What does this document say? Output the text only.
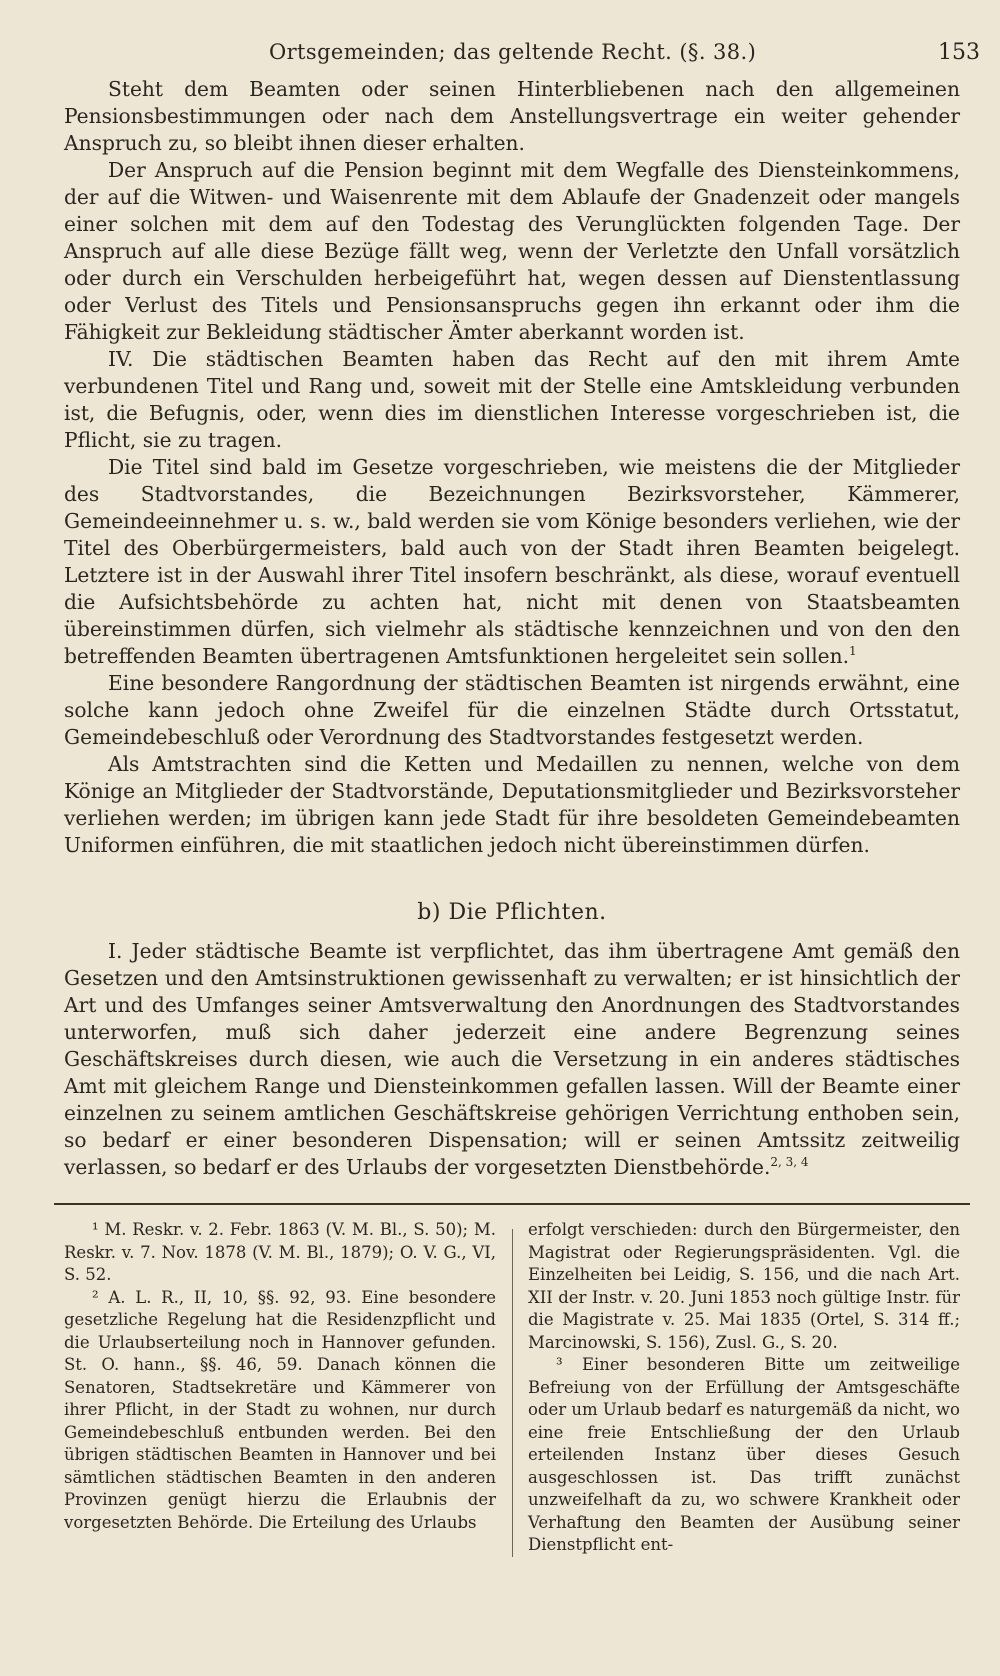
Ortsgemeinden; das geltende Recht. (§. 38.)	153

Steht dem Beamten oder seinen Hinterbliebenen nach den allgemeinen Pensionsbestimmungen oder nach dem Anstellungsvertrage ein weiter gehender Anspruch zu, so bleibt ihnen dieser erhalten.

Der Anspruch auf die Pension beginnt mit dem Wegfalle des Diensteinkommens, der auf die Witwen- und Waisenrente mit dem Ablaufe der Gnadenzeit oder mangels einer solchen mit dem auf den Todestag des Verunglückten folgenden Tage. Der Anspruch auf alle diese Bezüge fällt weg, wenn der Verletzte den Unfall vorsätzlich oder durch ein Verschulden herbeigeführt hat, wegen dessen auf Dienstentlassung oder Verlust des Titels und Pensionsanspruchs gegen ihn erkannt oder ihm die Fähigkeit zur Bekleidung städtischer Ämter aberkannt worden ist.

IV. Die städtischen Beamten haben das Recht auf den mit ihrem Amte verbundenen Titel und Rang und, soweit mit der Stelle eine Amtskleidung verbunden ist, die Befugnis, oder, wenn dies im dienstlichen Interesse vorgeschrieben ist, die Pflicht, sie zu tragen.

Die Titel sind bald im Gesetze vorgeschrieben, wie meistens die der Mitglieder des Stadtvorstandes, die Bezeichnungen Bezirksvorsteher, Kämmerer, Gemeindeeinnehmer u. s. w., bald werden sie vom Könige besonders verliehen, wie der Titel des Oberbürgermeisters, bald auch von der Stadt ihren Beamten beigelegt. Letztere ist in der Auswahl ihrer Titel insofern beschränkt, als diese, worauf eventuell die Aufsichtsbehörde zu achten hat, nicht mit denen von Staatsbeamten übereinstimmen dürfen, sich vielmehr als städtische kennzeichnen und von den den betreffenden Beamten übertragenen Amtsfunktionen hergeleitet sein sollen.$^1$

Eine besondere Rangordnung der städtischen Beamten ist nirgends erwähnt, eine solche kann jedoch ohne Zweifel für die einzelnen Städte durch Ortsstatut, Gemeindebeschluß oder Verordnung des Stadtvorstandes festgesetzt werden.

Als Amtstrachten sind die Ketten und Medaillen zu nennen, welche von dem Könige an Mitglieder der Stadtvorstände, Deputationsmitglieder und Bezirksvorsteher verliehen werden; im übrigen kann jede Stadt für ihre besoldeten Gemeindebeamten Uniformen einführen, die mit staatlichen jedoch nicht übereinstimmen dürfen.

b) Die Pflichten.

I. Jeder städtische Beamte ist verpflichtet, das ihm übertragene Amt gemäß den Gesetzen und den Amtsinstruktionen gewissenhaft zu verwalten; er ist hinsichtlich der Art und des Umfanges seiner Amtsverwaltung den Anordnungen des Stadtvorstandes unterworfen, muß sich daher jederzeit eine andere Begrenzung seines Geschäftskreises durch diesen, wie auch die Versetzung in ein anderes städtisches Amt mit gleichem Range und Diensteinkommen gefallen lassen. Will der Beamte einer einzelnen zu seinem amtlichen Geschäftskreise gehörigen Verrichtung enthoben sein, so bedarf er einer besonderen Dispensation; will er seinen Amtssitz zeitweilig verlassen, so bedarf er des Urlaubs der vorgesetzten Dienstbehörde.$^{2, 3, 4}$

¹ M. Reskr. v. 2. Febr. 1863 (V. M. Bl., S. 50); M. Reskr. v. 7. Nov. 1878 (V. M. Bl., 1879); O. V. G., VI, S. 52.

² A. L. R., II, 10, §§. 92, 93. Eine besondere gesetzliche Regelung hat die Residenzpflicht und die Urlaubserteilung noch in Hannover gefunden. St. O. hann., §§. 46, 59. Danach können die Senatoren, Stadtsekretäre und Kämmerer von ihrer Pflicht, in der Stadt zu wohnen, nur durch Gemeindebeschluß entbunden werden. Bei den übrigen städtischen Beamten in Hannover und bei sämtlichen städtischen Beamten in den anderen Provinzen genügt hierzu die Erlaubnis der vorgesetzten Behörde. Die Erteilung des Urlaubs

erfolgt verschieden: durch den Bürgermeister, den Magistrat oder Regierungspräsidenten. Vgl. die Einzelheiten bei Leidig, S. 156, und die nach Art. XII der Instr. v. 20. Juni 1853 noch gültige Instr. für die Magistrate v. 25. Mai 1835 (Ortel, S. 314 ff.; Marcinowski, S. 156), Zusl. G., S. 20.

³ Einer besonderen Bitte um zeitweilige Befreiung von der Erfüllung der Amtsgeschäfte oder um Urlaub bedarf es naturgemäß da nicht, wo eine freie Entschließung der den Urlaub erteilenden Instanz über dieses Gesuch ausgeschlossen ist. Das trifft zunächst unzweifelhaft da zu, wo schwere Krankheit oder Verhaftung den Beamten der Ausübung seiner Dienstpflicht ent-
